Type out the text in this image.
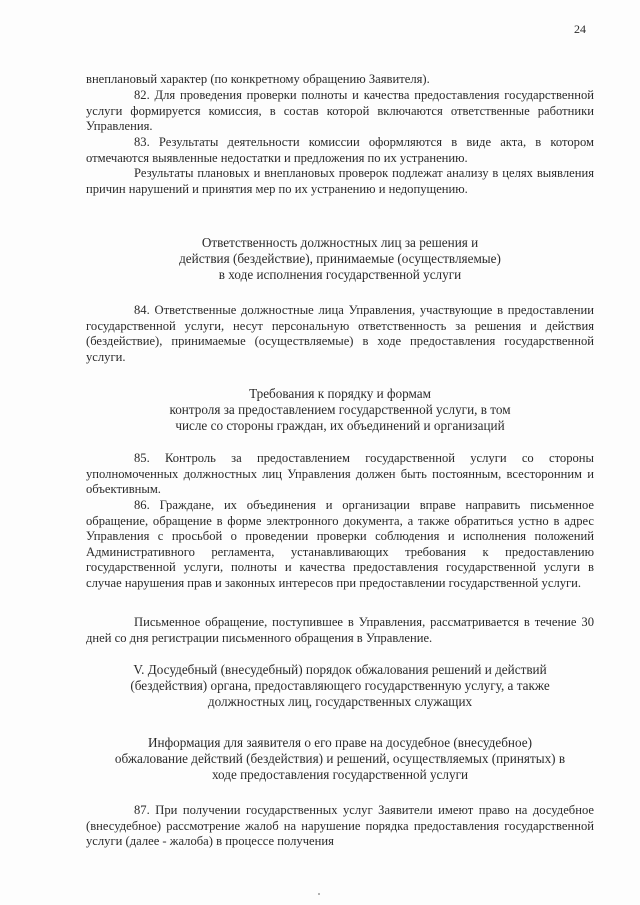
24

внеплановый характер (по конкретному обращению Заявителя).

82. Для проведения проверки полноты и качества предоставления государственной услуги формируется комиссия, в состав которой включаются ответственные работники Управления.

83. Результаты деятельности комиссии оформляются в виде акта, в котором отмечаются выявленные недостатки и предложения по их устранению.

Результаты плановых и внеплановых проверок подлежат анализу в целях выявления причин нарушений и принятия мер по их устранению и недопущению.

Ответственность должностных лиц за решения и
действия (бездействие), принимаемые (осуществляемые)
в ходе исполнения государственной услуги

84. Ответственные должностные лица Управления, участвующие в предоставлении государственной услуги, несут персональную ответственность за решения и действия (бездействие), принимаемые (осуществляемые) в ходе предоставления государственной услуги.

Требования к порядку и формам
контроля за предоставлением государственной услуги, в том
числе со стороны граждан, их объединений и организаций

85. Контроль за предоставлением государственной услуги со стороны уполномоченных должностных лиц Управления должен быть постоянным, всесторонним и объективным.

86. Граждане, их объединения и организации вправе направить письменное обращение, обращение в форме электронного документа, а также обратиться устно в адрес Управления с просьбой о проведении проверки соблюдения и исполнения положений Административного регламента, устанавливающих требования к предоставлению государственной услуги, полноты и качества предоставления государственной услуги в случае нарушения прав и законных интересов при предоставлении государственной услуги.

Письменное обращение, поступившее в Управления, рассматривается в течение 30 дней со дня регистрации письменного обращения в Управление.

V. Досудебный (внесудебный) порядок обжалования решений и действий
(бездействия) органа, предоставляющего государственную услугу, а также
должностных лиц, государственных служащих
Информация для заявителя о его праве на досудебное (внесудебное)
обжалование действий (бездействия) и решений, осуществляемых (принятых) в
ходе предоставления государственной услуги

87. При получении государственных услуг Заявители имеют право на досудебное (внесудебное) рассмотрение жалоб на нарушение порядка предоставления государственной услуги (далее - жалоба) в процессе получения
